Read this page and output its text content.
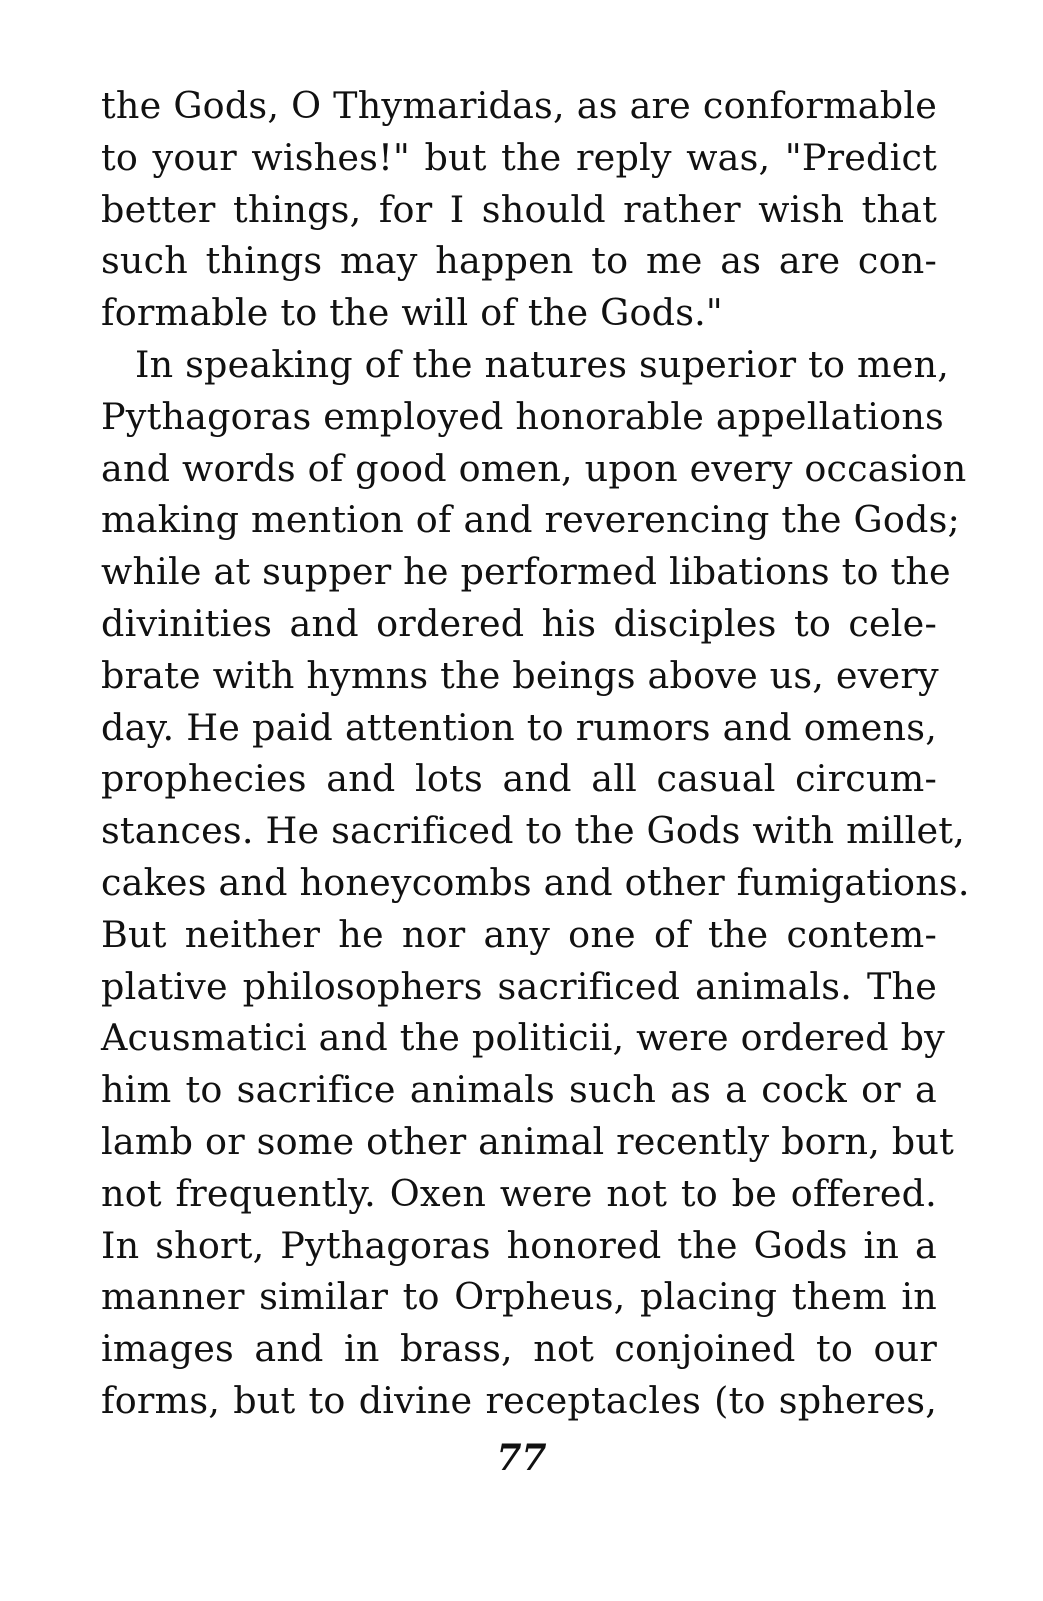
the Gods, O Thymaridas, as are conformable
to your wishes!" but the reply was, "Predict
better things, for I should rather wish that
such things may happen to me as are con-
formable to the will of the Gods."
In speaking of the natures superior to men,
Pythagoras employed honorable appellations
and words of good omen, upon every occasion
making mention of and reverencing the Gods;
while at supper he performed libations to the
divinities and ordered his disciples to cele-
brate with hymns the beings above us, every
day. He paid attention to rumors and omens,
prophecies and lots and all casual circum-
stances. He sacrificed to the Gods with millet,
cakes and honeycombs and other fumigations.
But neither he nor any one of the contem-
plative philosophers sacrificed animals. The
Acusmatici and the politicii, were ordered by
him to sacrifice animals such as a cock or a
lamb or some other animal recently born, but
not frequently. Oxen were not to be offered.
In short, Pythagoras honored the Gods in a
manner similar to Orpheus, placing them in
images and in brass, not conjoined to our
forms, but to divine receptacles (to spheres,
77
